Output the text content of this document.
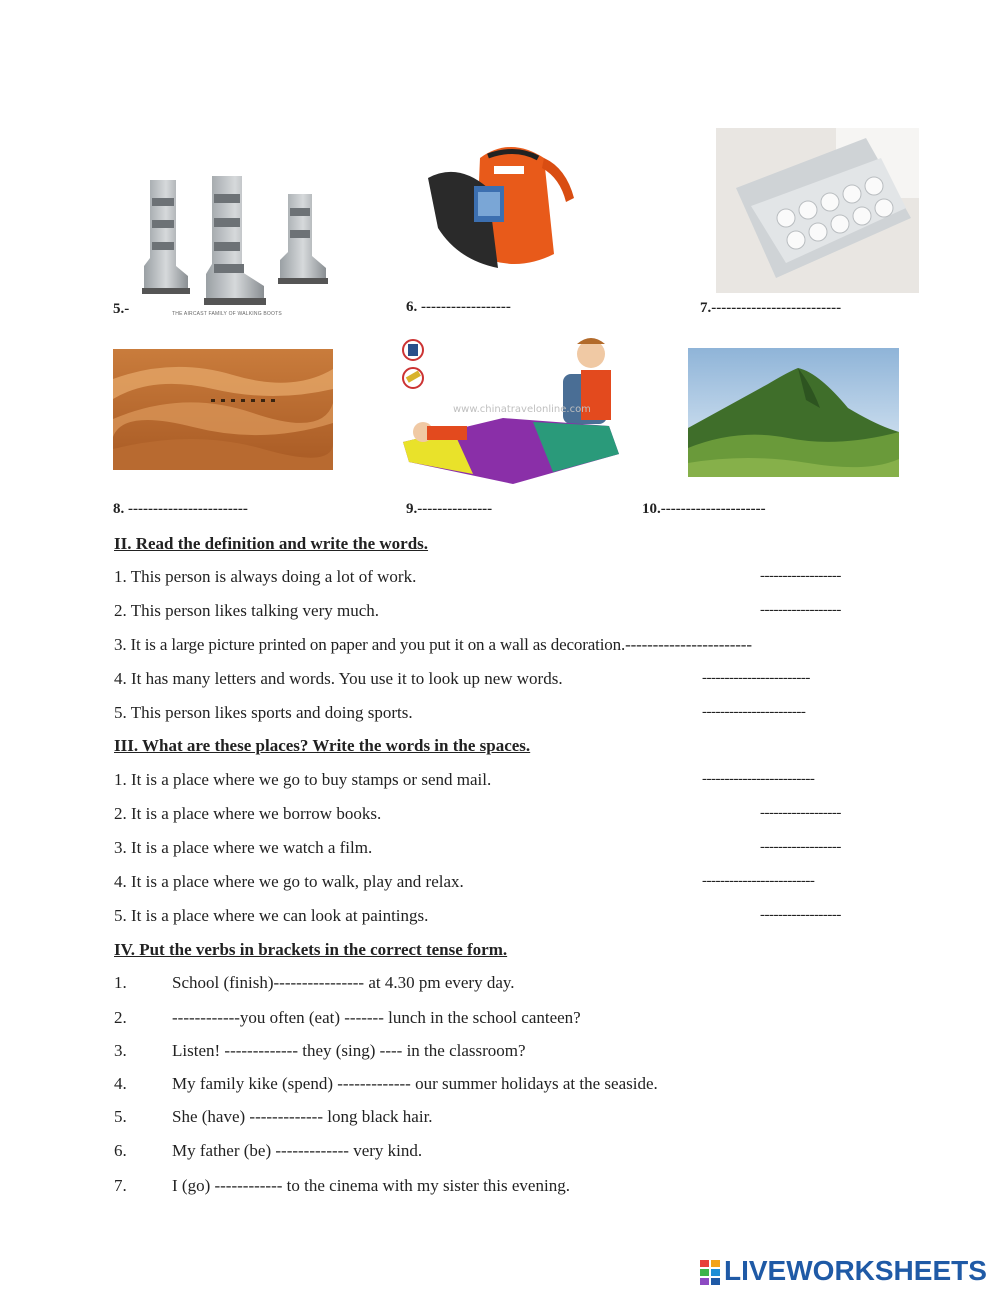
5.-	THE AIRCAST FAMILY OF WALKING BOOTS	6. ------------------	7.--------------------------
8. ------------------------
www.chinatravelonline.com
9.---------------	10.---------------------
II. Read the definition and write the words.
1. This person is always doing a lot of work.	------------------
2. This person likes talking very much.	------------------
3. It is a large picture printed on paper and you put it on a wall as decoration.-----------------------
4. It has many letters and words. You use it to look up new words.	------------------------
5. This person likes sports and doing sports.	-----------------------
III. What are these places? Write the words in the spaces.
1. It is a place where we go to buy stamps or send mail.	-------------------------
2. It is a place where we borrow books.	------------------
3. It is a place where we watch a film.	------------------
4. It is a place where we go to walk, play and relax.	-------------------------
5. It is a place where we can look at paintings.	------------------
IV. Put the verbs in brackets in the correct tense form.
1.	School (finish)---------------- at 4.30 pm every day.
2.	------------you often (eat) ------- lunch in the school canteen?
3.	Listen! ------------- they (sing) ---- in the classroom?
4.	My family kike (spend) ------------- our summer holidays at the seaside.
5.	She (have) ------------- long black hair.
6.	My father (be) ------------- very kind.
7.	I (go) ------------ to the cinema with my sister this evening.
LIVEWORKSHEETS
